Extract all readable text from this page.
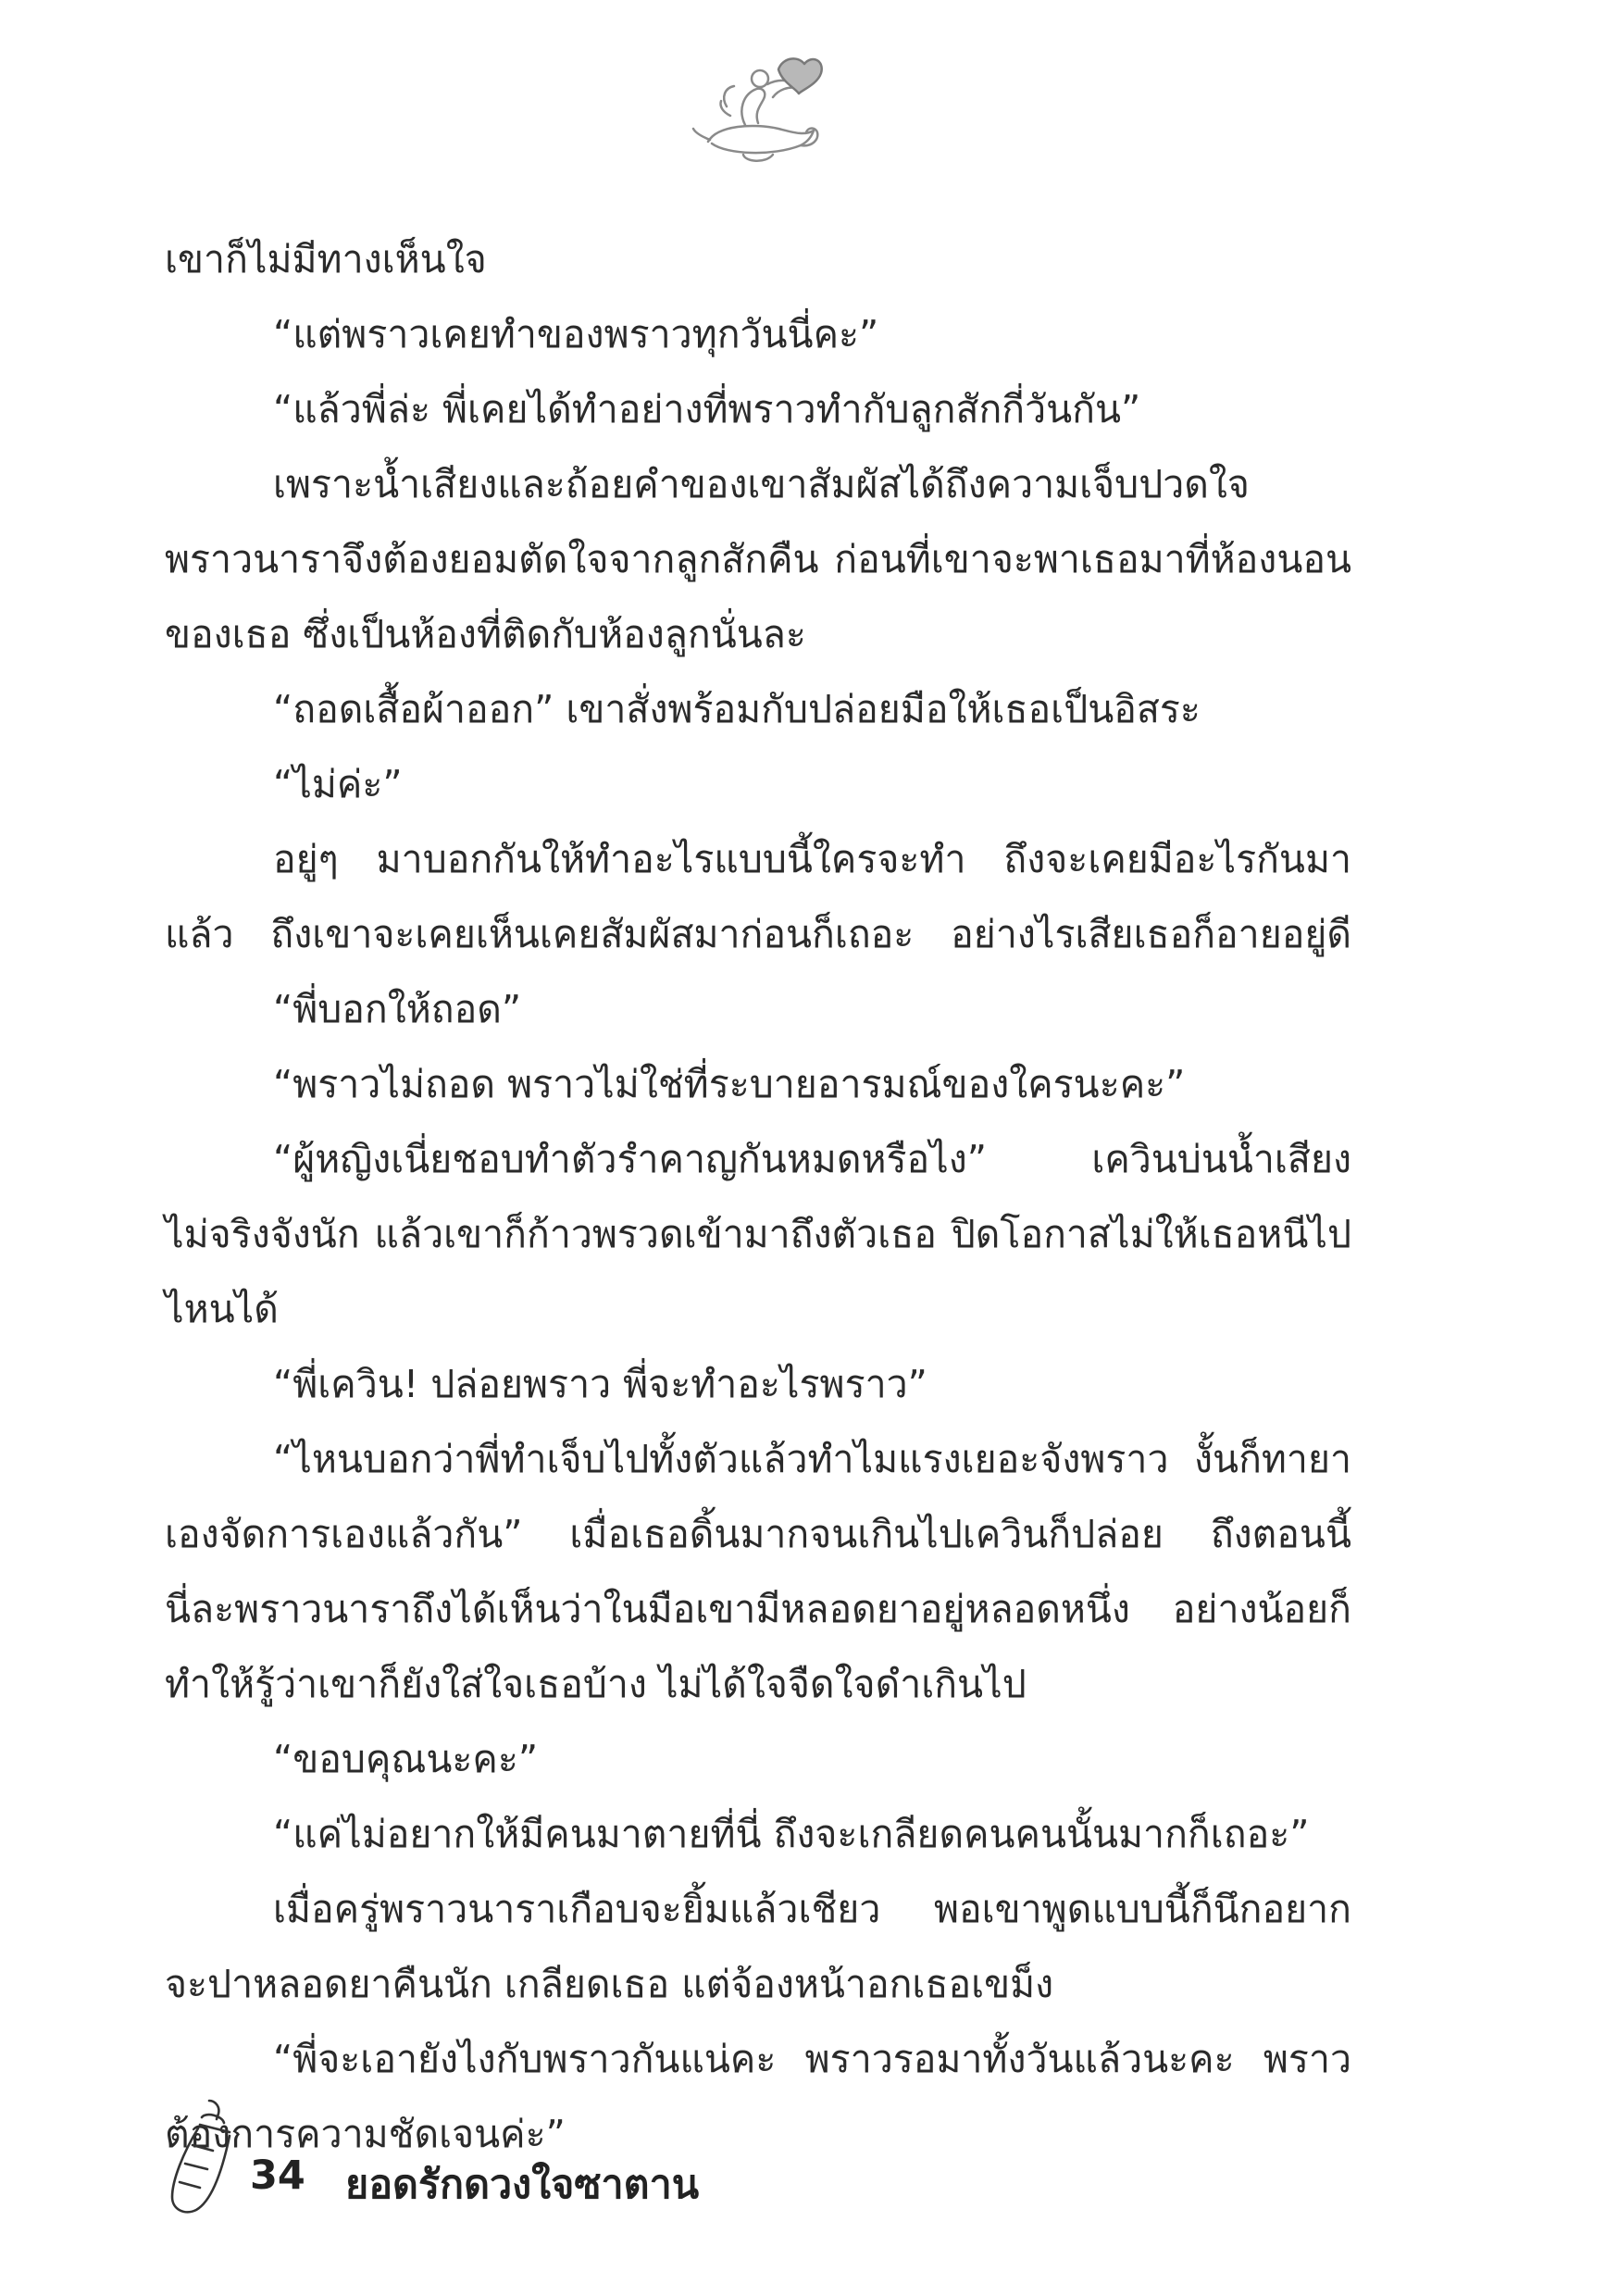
เขาก็ไม่มีทางเห็นใจ
“แต่พราวเคยทำของพราวทุกวันนี่คะ”
“แล้วพี่ล่ะ พี่เคยได้ทำอย่างที่พราวทำกับลูกสักกี่วันกัน”
เพราะน้ำเสียงและถ้อยคำของเขาสัมผัสได้ถึงความเจ็บปวดใจ
พราวนาราจึงต้องยอมตัดใจจากลูกสักคืน ก่อนที่เขาจะพาเธอมาที่ห้องนอน
ของเธอ ซึ่งเป็นห้องที่ติดกับห้องลูกนั่นละ
“ถอดเสื้อผ้าออก” เขาสั่งพร้อมกับปล่อยมือให้เธอเป็นอิสระ
“ไม่ค่ะ”
อยู่ๆ มาบอกกันให้ทำอะไรแบบนี้ใครจะทำ ถึงจะเคยมีอะไรกันมา
แล้ว ถึงเขาจะเคยเห็นเคยสัมผัสมาก่อนก็เถอะ อย่างไรเสียเธอก็อายอยู่ดี
“พี่บอกให้ถอด”
“พราวไม่ถอด พราวไม่ใช่ที่ระบายอารมณ์ของใครนะคะ”
“ผู้หญิงเนี่ยชอบทำตัวรำคาญกันหมดหรือไง” เควินบ่นน้ำเสียง
ไม่จริงจังนัก แล้วเขาก็ก้าวพรวดเข้ามาถึงตัวเธอ ปิดโอกาสไม่ให้เธอหนีไป
ไหนได้
“พี่เควิน! ปล่อยพราว พี่จะทำอะไรพราว”
“ไหนบอกว่าพี่ทำเจ็บไปทั้งตัวแล้วทำไมแรงเยอะจังพราว งั้นก็ทายา
เองจัดการเองแล้วกัน” เมื่อเธอดิ้นมากจนเกินไปเควินก็ปล่อย ถึงตอนนี้
นี่ละพราวนาราถึงได้เห็นว่าในมือเขามีหลอดยาอยู่หลอดหนึ่ง อย่างน้อยก็
ทำให้รู้ว่าเขาก็ยังใส่ใจเธอบ้าง ไม่ได้ใจจืดใจดำเกินไป
“ขอบคุณนะคะ”
“แค่ไม่อยากให้มีคนมาตายที่นี่ ถึงจะเกลียดคนคนนั้นมากก็เถอะ”
เมื่อครู่พราวนาราเกือบจะยิ้มแล้วเชียว พอเขาพูดแบบนี้ก็นึกอยาก
จะปาหลอดยาคืนนัก เกลียดเธอ แต่จ้องหน้าอกเธอเขม็ง
“พี่จะเอายังไงกับพราวกันแน่คะ พราวรอมาทั้งวันแล้วนะคะ พราว
ต้องการความชัดเจนค่ะ”
34 ยอดรักดวงใจซาตาน
